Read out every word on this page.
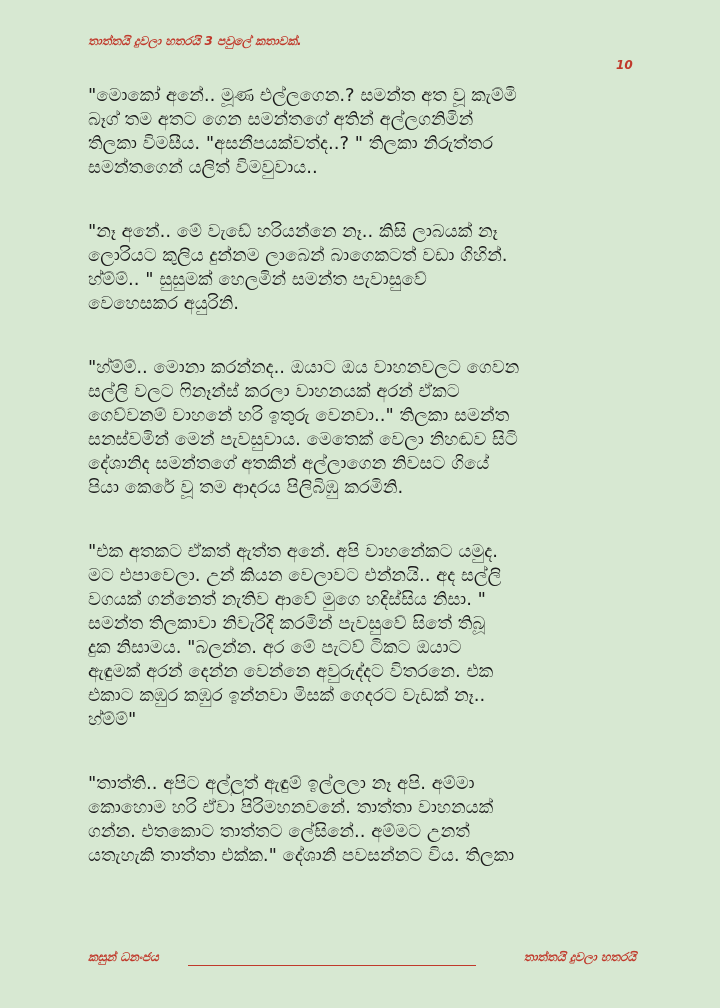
තාත්තයි දුවලා හතරයි 3 පවුලේ කතාවක්.
10

"මොකෝ අනේ.. මූණ එල්ලගෙන.? සමන්ත අත වූ කැම්මි
බෑග් තම අතට ගෙන සමන්තගේ අතින් අල්ලගනිමින්
තිලකා විමසීය. "අසනීපයක්වත්ද..? " තිලකා නිරුත්තර
සමන්තගෙන් යලිත් විමවුවාය..

"නෑ අනේ.. මේ වැඩේ හරියන්නෙ නෑ.. කිසි ලාබයක් නෑ
ලොරියට කුලිය දුන්නම ලාබෙන් බාගෙකටත් වඩා ගිහින්.
හ්ම්ම්.. " සුසුමක් හෙලමින් සමන්ත පැවාසුවේ
වෙහෙසකර අයුරිනි.

"හ්ම්ම්.. මොනා කරන්නද.. ඔයාට ඔය වාහනවලට ගෙවන
සල්ලි වලට ෆිනෑන්ස් කරලා වාහනයක් අරන් ඒකට
ගෙව්වනම් වාහනේ හරි ඉතුරු වෙනවා.." තිලකා සමන්ත
සනස්වමින් මෙන් පැවසුවාය. මෙතෙක් වෙලා නිහඬව සිටි
දේශානිද සමන්තගේ අතකින් අල්ලාගෙන නිවසට ගියේ
පියා කෙරේ වූ තම ආදරය පිලිබිඹු කරමිනි.

"එක අතකට ඒකත් ඇත්ත අනේ. අපි වාහනේකට යමුද.
මට එපාවෙලා. උන් කියන වෙලාවට එන්නයි.. අද සල්ලි
වගයක් ගන්නෙත් නැතිව ආවේ මුගෙ හදිස්සිය නිසා. "
සමන්ත තිලකාවා නිවැරිදි කරමින් පැවසුවේ සිතේ තිබූ
දුක නිසාමය. "බලන්න. අර මේ පැටව් ටිකට ඔයාට
ඇඳුමක් අරන් දෙන්න වෙන්නෙ අවුරුද්දට විතරනෙ. එක
එකාට කඹුර කඹුර ඉන්නවා මිසක් ගෙදරට වැඩක් නෑ..
හ්ම්ම්"

"තාත්ති.. අපිට අල්ලුත් ඇඳුම් ඉල්ලලා නෑ අපි. අම්මා
කොහොම හරි ඒවා පිරිමහනවනේ. තාත්තා වාහනයක්
ගන්න. එතකොට තාත්තට ලේසිනේ.. අම්මට උනත්
යතැහැකි තාත්තා එක්ක." දේශානි පවසන්නට විය. තිලකා

කසුන් ධනංජය	තාත්තයි දුවලා හතරයි
